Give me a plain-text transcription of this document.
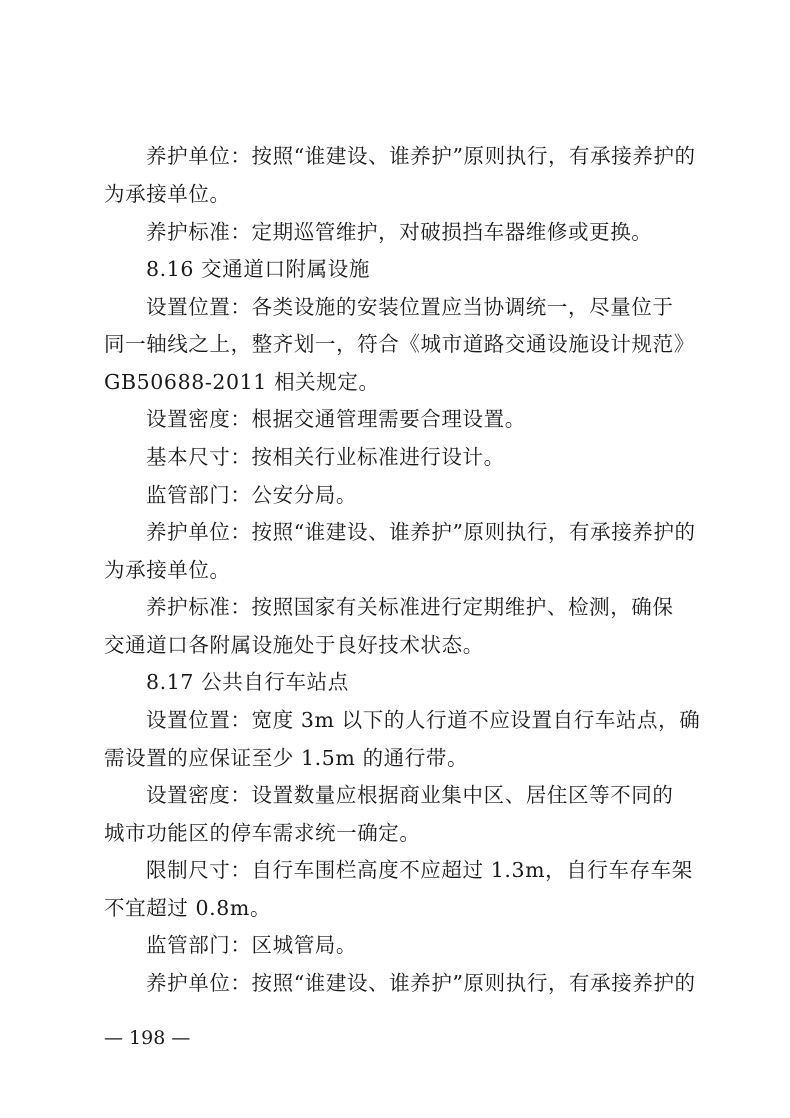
养护单位：按照“谁建设、谁养护”原则执行，有承接养护的
为承接单位。
养护标准：定期巡管维护，对破损挡车器维修或更换。
8.16 交通道口附属设施
设置位置：各类设施的安装位置应当协调统一，尽量位于
同一轴线之上，整齐划一，符合《城市道路交通设施设计规范》
GB50688-2011 相关规定。
设置密度：根据交通管理需要合理设置。
基本尺寸：按相关行业标准进行设计。
监管部门：公安分局。
养护单位：按照“谁建设、谁养护”原则执行，有承接养护的
为承接单位。
养护标准：按照国家有关标准进行定期维护、检测，确保
交通道口各附属设施处于良好技术状态。
8.17 公共自行车站点
设置位置：宽度 3m 以下的人行道不应设置自行车站点，确
需设置的应保证至少 1.5m 的通行带。
设置密度：设置数量应根据商业集中区、居住区等不同的
城市功能区的停车需求统一确定。
限制尺寸：自行车围栏高度不应超过 1.3m，自行车存车架
不宜超过 0.8m。
监管部门：区城管局。
养护单位：按照“谁建设、谁养护”原则执行，有承接养护的
— 198 —
